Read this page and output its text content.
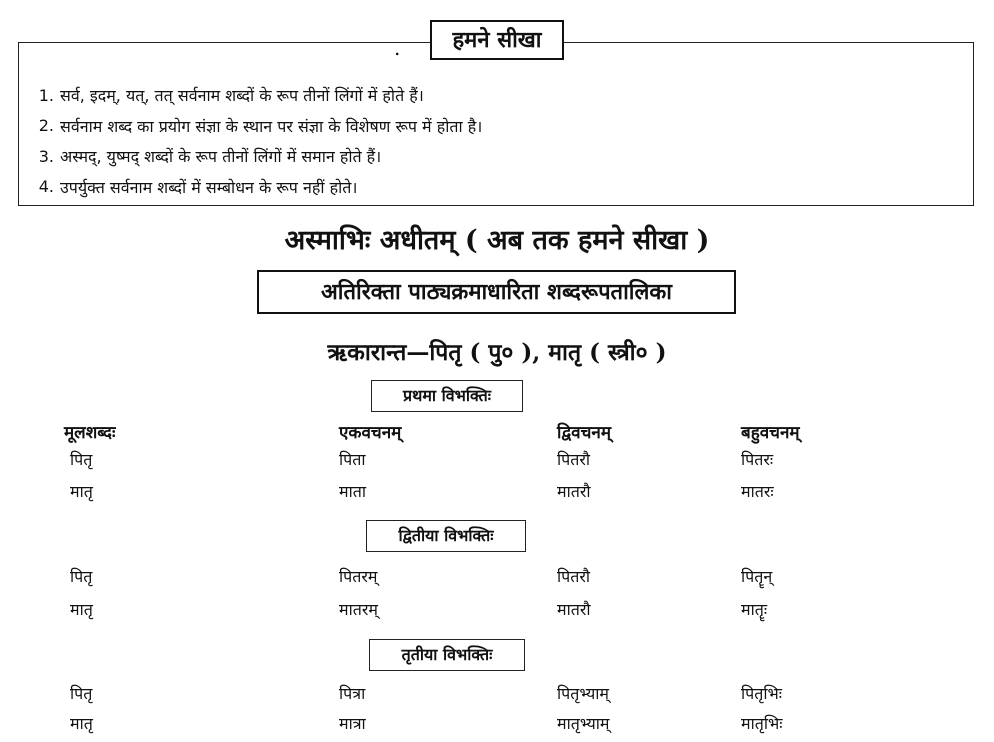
.	हमने सीखा
1. सर्व, इदम्, यत्, तत् सर्वनाम शब्दों के रूप तीनों लिंगों में होते हैं।
2. सर्वनाम शब्द का प्रयोग संज्ञा के स्थान पर संज्ञा के विशेषण रूप में होता है।
3. अस्मद्, युष्मद् शब्दों के रूप तीनों लिंगों में समान होते हैं।
4. उपर्युक्त सर्वनाम शब्दों में सम्बोधन के रूप नहीं होते।
अस्माभिः अधीतम् ( अब तक हमने सीखा )
अतिरिक्ता पाठ्यक्रमाधारिता शब्दरूपतालिका
ऋकारान्त—पितृ ( पु० ), मातृ ( स्त्री० )
प्रथमा विभक्तिः
द्वितीया विभक्तिः
तृतीया विभक्तिः
मूलशब्दः	एकवचनम्	द्विवचनम्	बहुवचनम्
पितृ	पिता	पितरौ	पितरः
मातृ	माता	मातरौ	मातरः
पितृ	पितरम्	पितरौ	पितॄन्
मातृ	मातरम्	मातरौ	मातॄः
पितृ	पित्रा	पितृभ्याम्	पितृभिः
मातृ	मात्रा	मातृभ्याम्	मातृभिः
